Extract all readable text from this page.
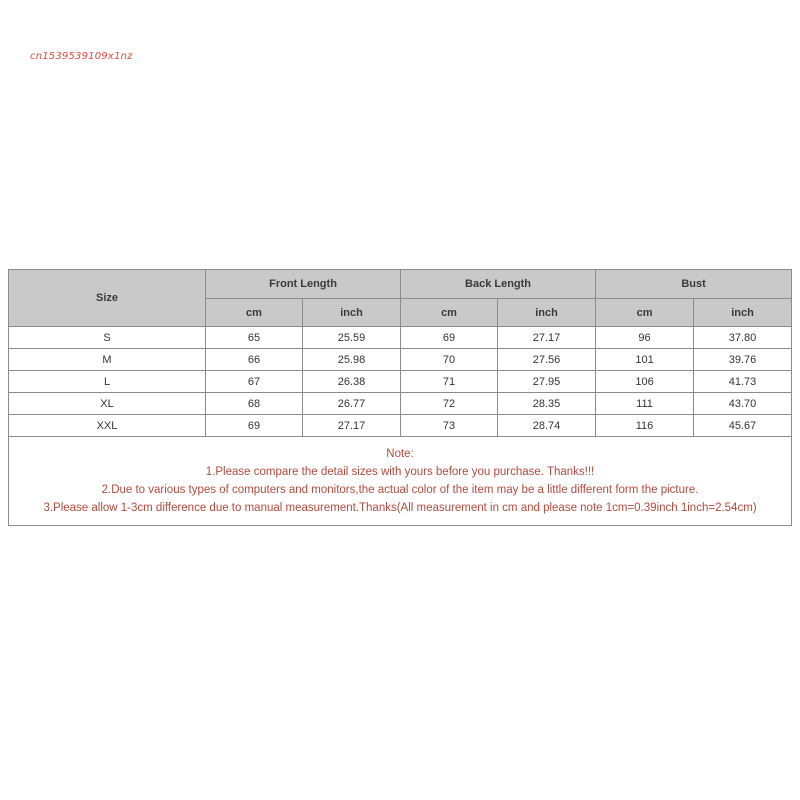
cn1539539109x1nz
Size	Front Length		Back Length		Bust	
	cm	inch	cm	inch	cm	inch
S	65	25.59	69	27.17	96	37.80
M	66	25.98	70	27.56	101	39.76
L	67	26.38	71	27.95	106	41.73
XL	68	26.77	72	28.35	111	43.70
XXL	69	27.17	73	28.74	116	45.67

Note:
1.Please compare the detail sizes with yours before you purchase. Thanks!!!
2.Due to various types of computers and monitors,the actual color of the item may be a little different form the picture.
3.Please allow 1-3cm difference due to manual measurement.Thanks(All measurement in cm and please note 1cm=0.39inch 1inch=2.54cm)						
